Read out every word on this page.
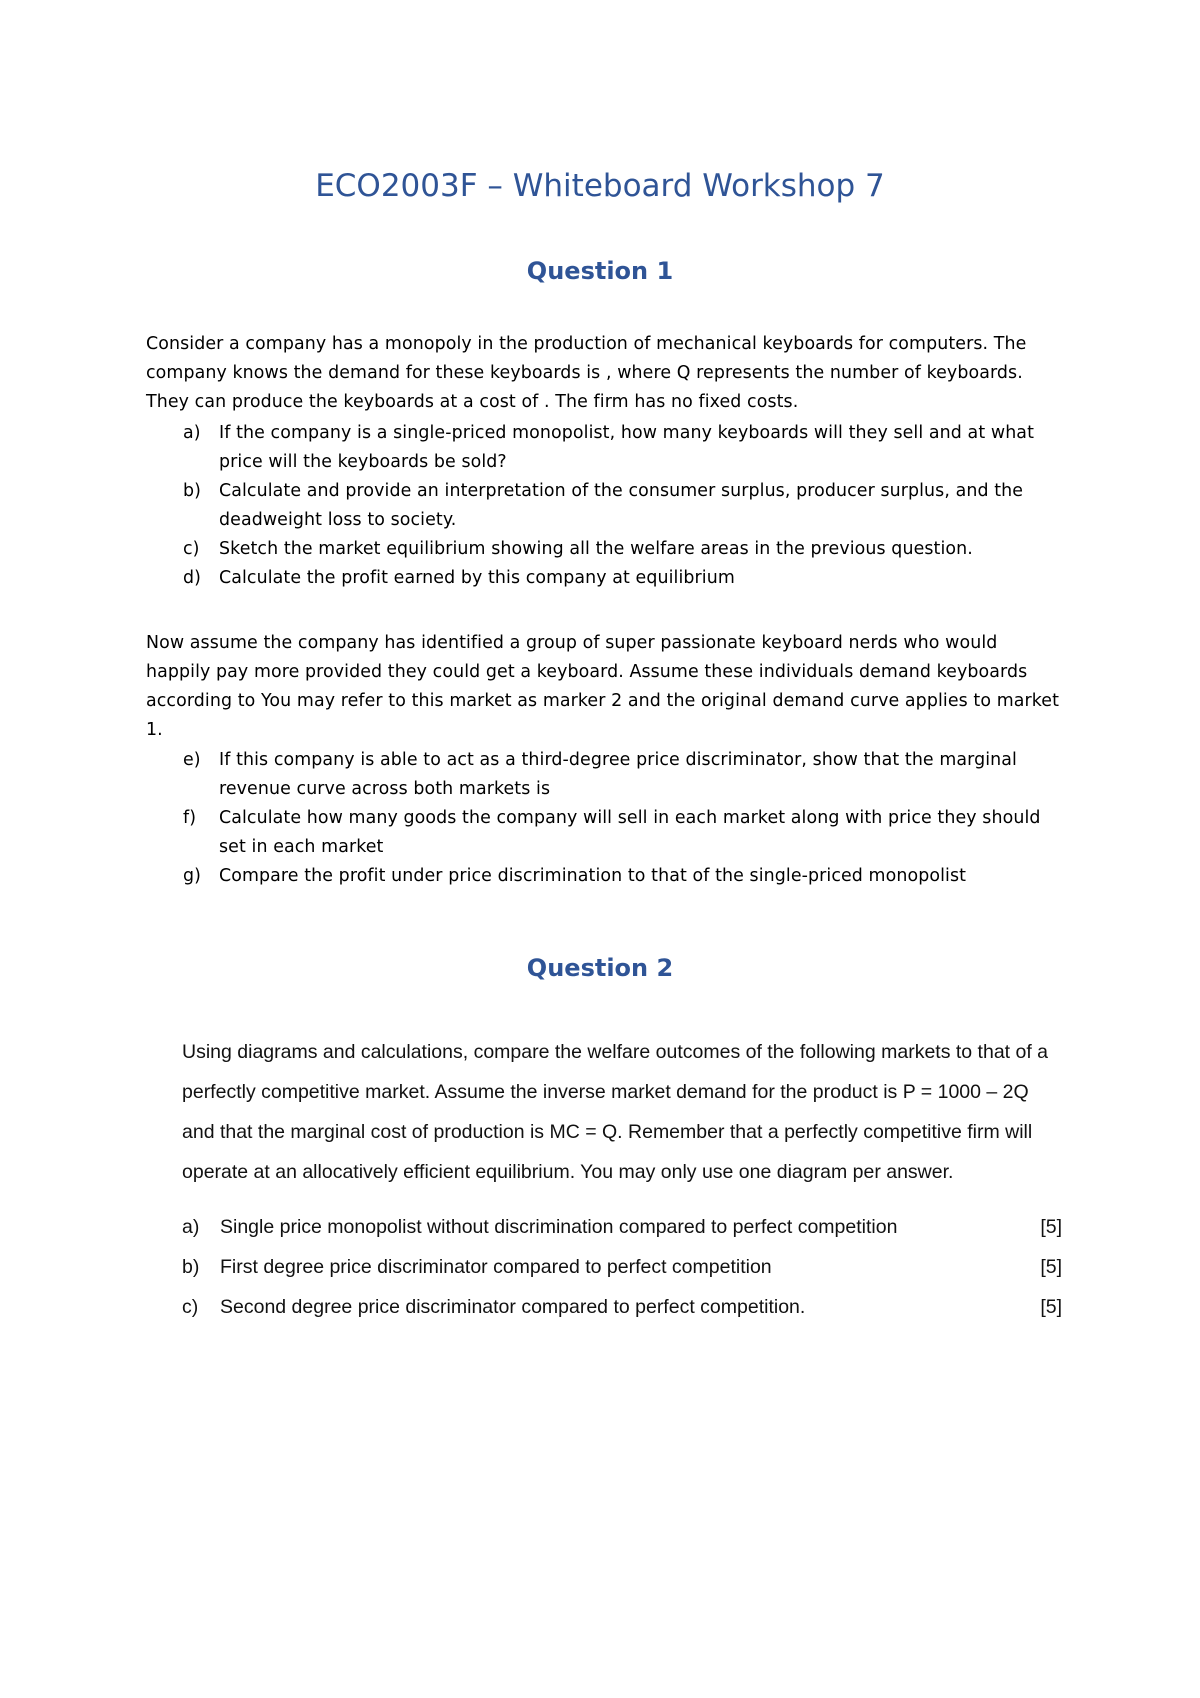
ECO2003F – Whiteboard Workshop 7
Question 1

Consider a company has a monopoly in the production of mechanical keyboards for computers. The company knows the demand for these keyboards is , where Q represents the number of keyboards. They can produce the keyboards at a cost of . The firm has no fixed costs.

a) If the company is a single-priced monopolist, how many keyboards will they sell and at what price will the keyboards be sold?
b) Calculate and provide an interpretation of the consumer surplus, producer surplus, and the deadweight loss to society.
c) Sketch the market equilibrium showing all the welfare areas in the previous question.
d) Calculate the profit earned by this company at equilibrium

Now assume the company has identified a group of super passionate keyboard nerds who would happily pay more provided they could get a keyboard. Assume these individuals demand keyboards according to You may refer to this market as marker 2 and the original demand curve applies to market 1.

e) If this company is able to act as a third-degree price discriminator, show that the marginal revenue curve across both markets is
f) Calculate how many goods the company will sell in each market along with price they should set in each market
g) Compare the profit under price discrimination to that of the single-priced monopolist
Question 2

Using diagrams and calculations, compare the welfare outcomes of the following markets to that of a perfectly competitive market. Assume the inverse market demand for the product is P = 1000 – 2Q and that the marginal cost of production is MC = Q. Remember that a perfectly competitive firm will operate at an allocatively efficient equilibrium. You may only use one diagram per answer.

a) Single price monopolist without discrimination compared to perfect competition	[5]
b) First degree price discriminator compared to perfect competition	[5]
c) Second degree price discriminator compared to perfect competition.	[5]
